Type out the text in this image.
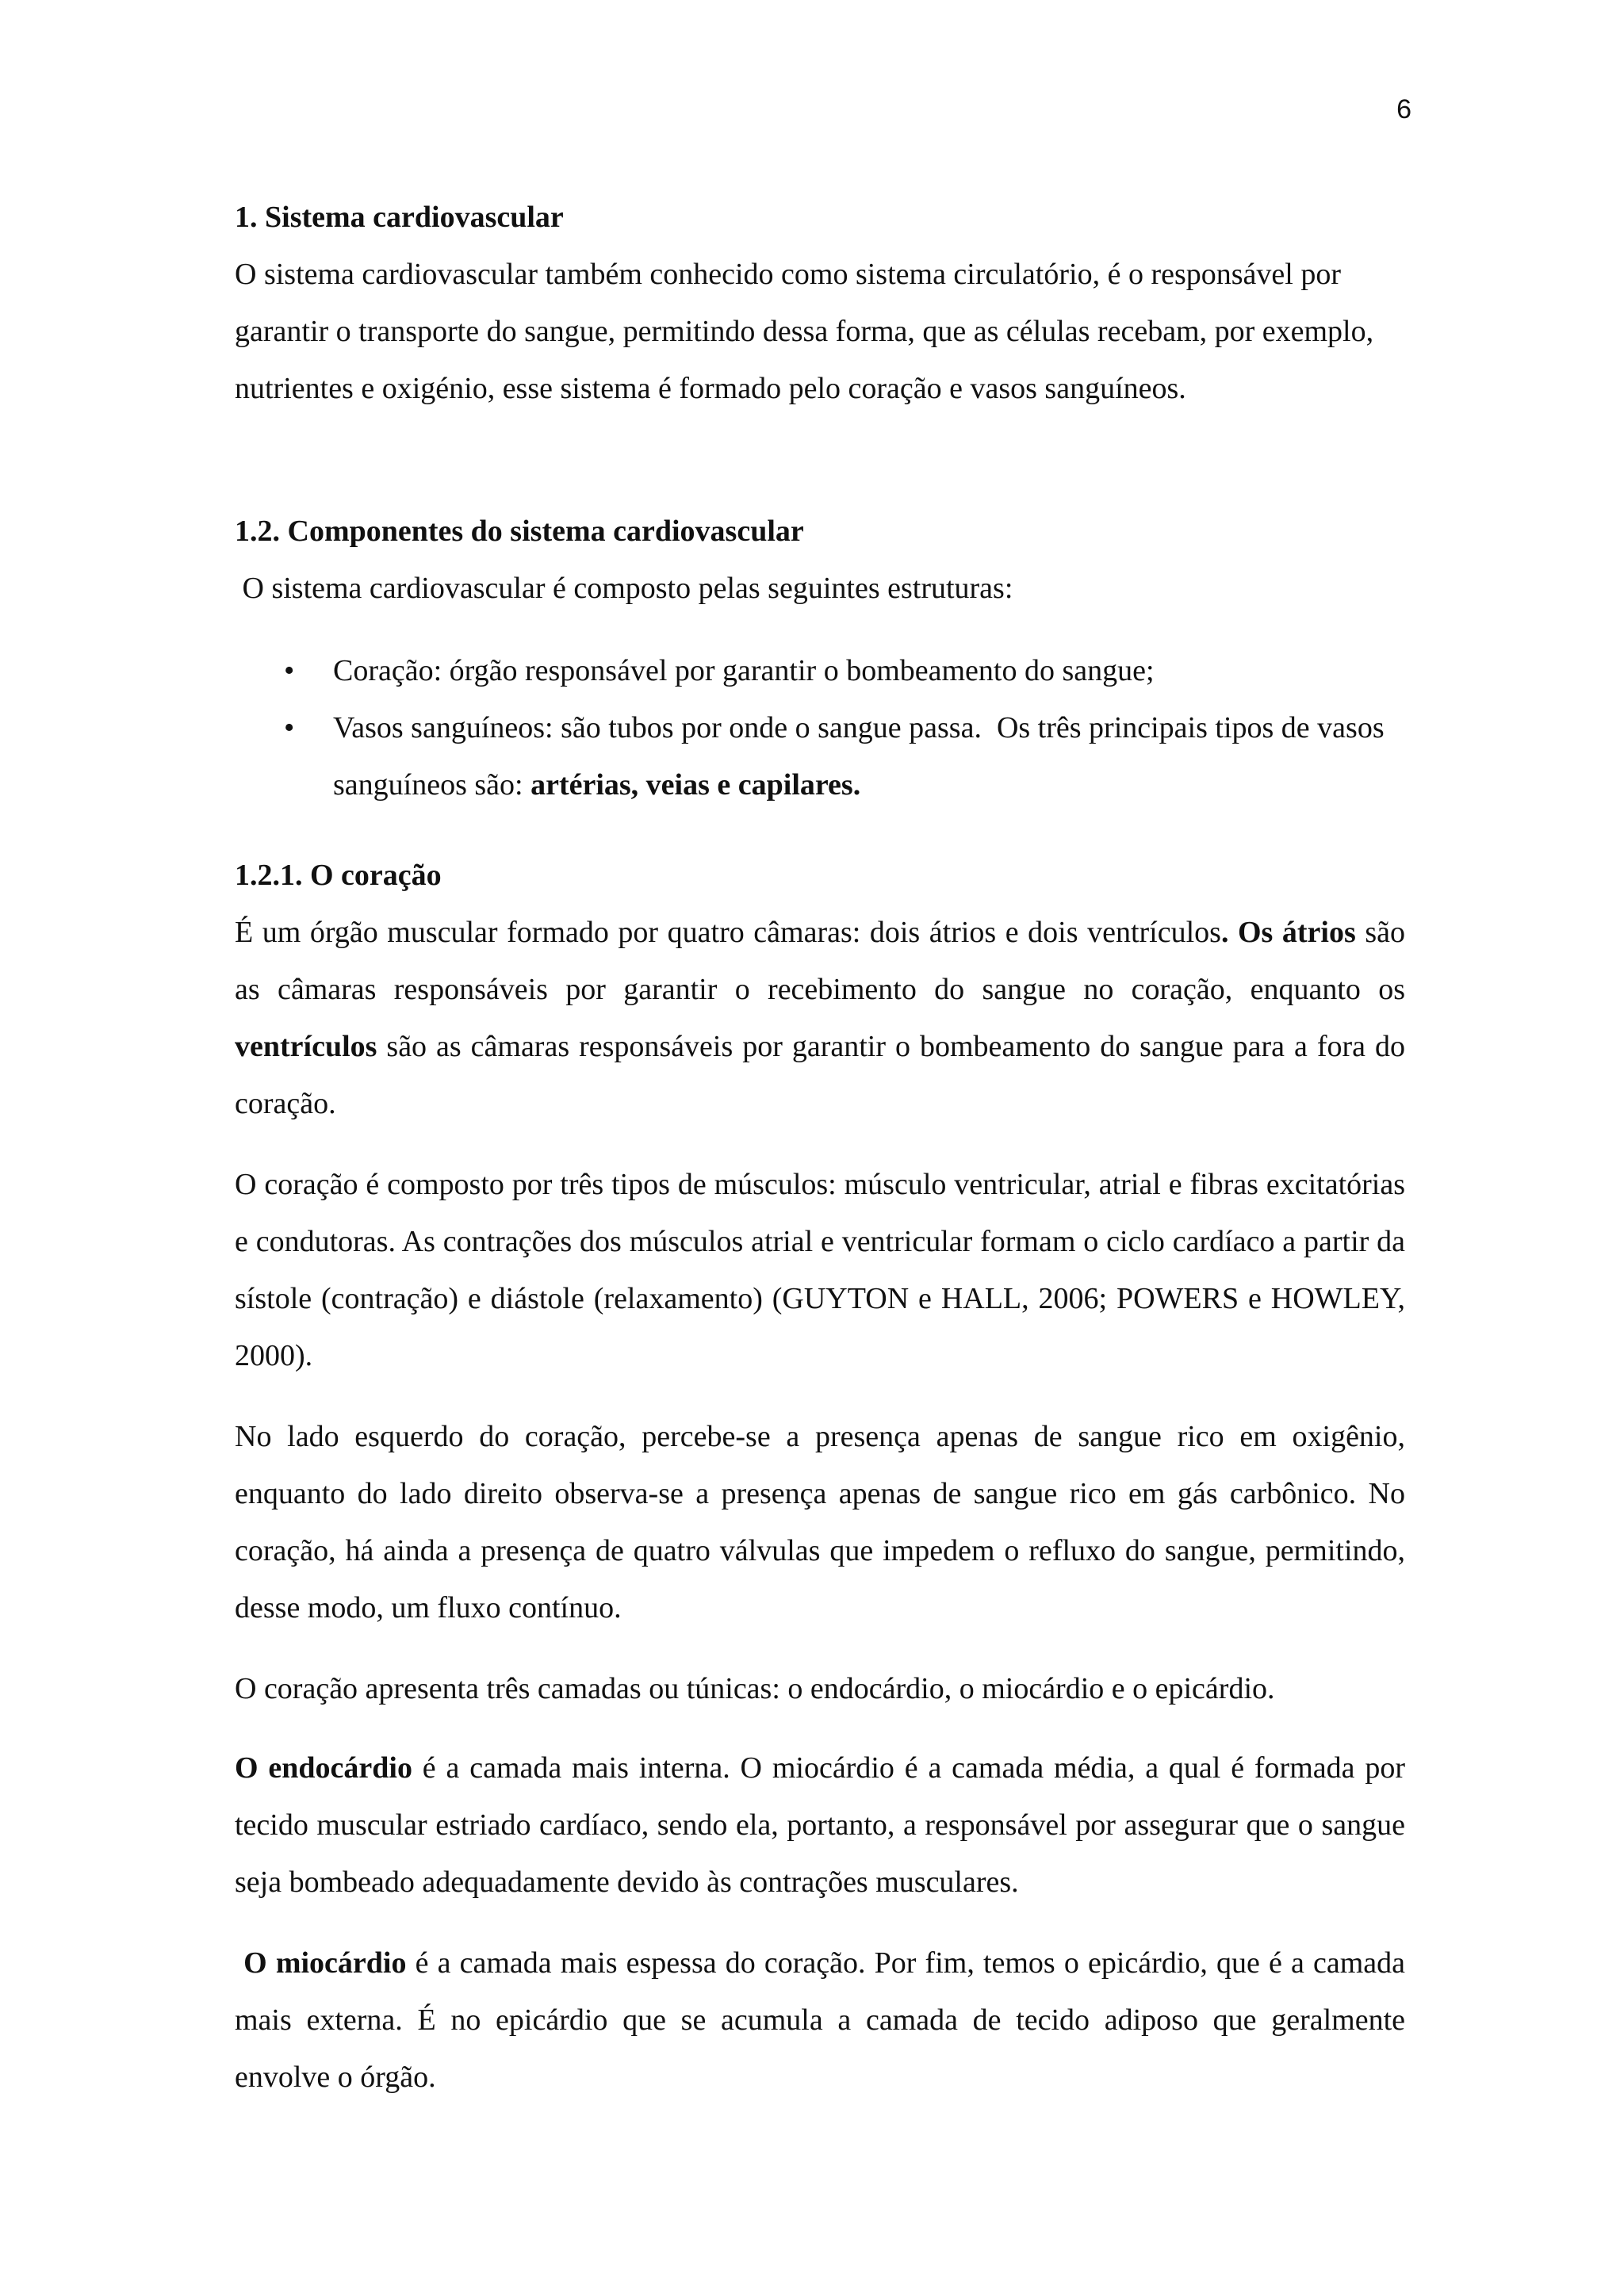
6

1. Sistema cardiovascular

O sistema cardiovascular também conhecido como sistema circulatório, é o responsável por garantir o transporte do sangue, permitindo dessa forma, que as células recebam, por exemplo, nutrientes e oxigénio, esse sistema é formado pelo coração e vasos sanguíneos.

1.2. Componentes do sistema cardiovascular

O sistema cardiovascular é composto pelas seguintes estruturas:

•	Coração: órgão responsável por garantir o bombeamento do sangue;
•	Vasos sanguíneos: são tubos por onde o sangue passa.  Os três principais tipos de vasos sanguíneos são: artérias, veias e capilares.

1.2.1. O coração

É um órgão muscular formado por quatro câmaras: dois átrios e dois ventrículos. Os átrios são as câmaras responsáveis por garantir o recebimento do sangue no coração, enquanto os ventrículos são as câmaras responsáveis por garantir o bombeamento do sangue para a fora do coração.

O coração é composto por três tipos de músculos: músculo ventricular, atrial e fibras excitatórias e condutoras. As contrações dos músculos atrial e ventricular formam o ciclo cardíaco a partir da sístole (contração) e diástole (relaxamento) (GUYTON e HALL, 2006; POWERS e HOWLEY, 2000).

No lado esquerdo do coração, percebe-se a presença apenas de sangue rico em oxigênio, enquanto do lado direito observa-se a presença apenas de sangue rico em gás carbônico. No coração, há ainda a presença de quatro válvulas que impedem o refluxo do sangue, permitindo, desse modo, um fluxo contínuo.

O coração apresenta três camadas ou túnicas: o endocárdio, o miocárdio e o epicárdio.

O endocárdio é a camada mais interna. O miocárdio é a camada média, a qual é formada por tecido muscular estriado cardíaco, sendo ela, portanto, a responsável por assegurar que o sangue seja bombeado adequadamente devido às contrações musculares.

O miocárdio é a camada mais espessa do coração. Por fim, temos o epicárdio, que é a camada mais externa. É no epicárdio que se acumula a camada de tecido adiposo que geralmente envolve o órgão.
